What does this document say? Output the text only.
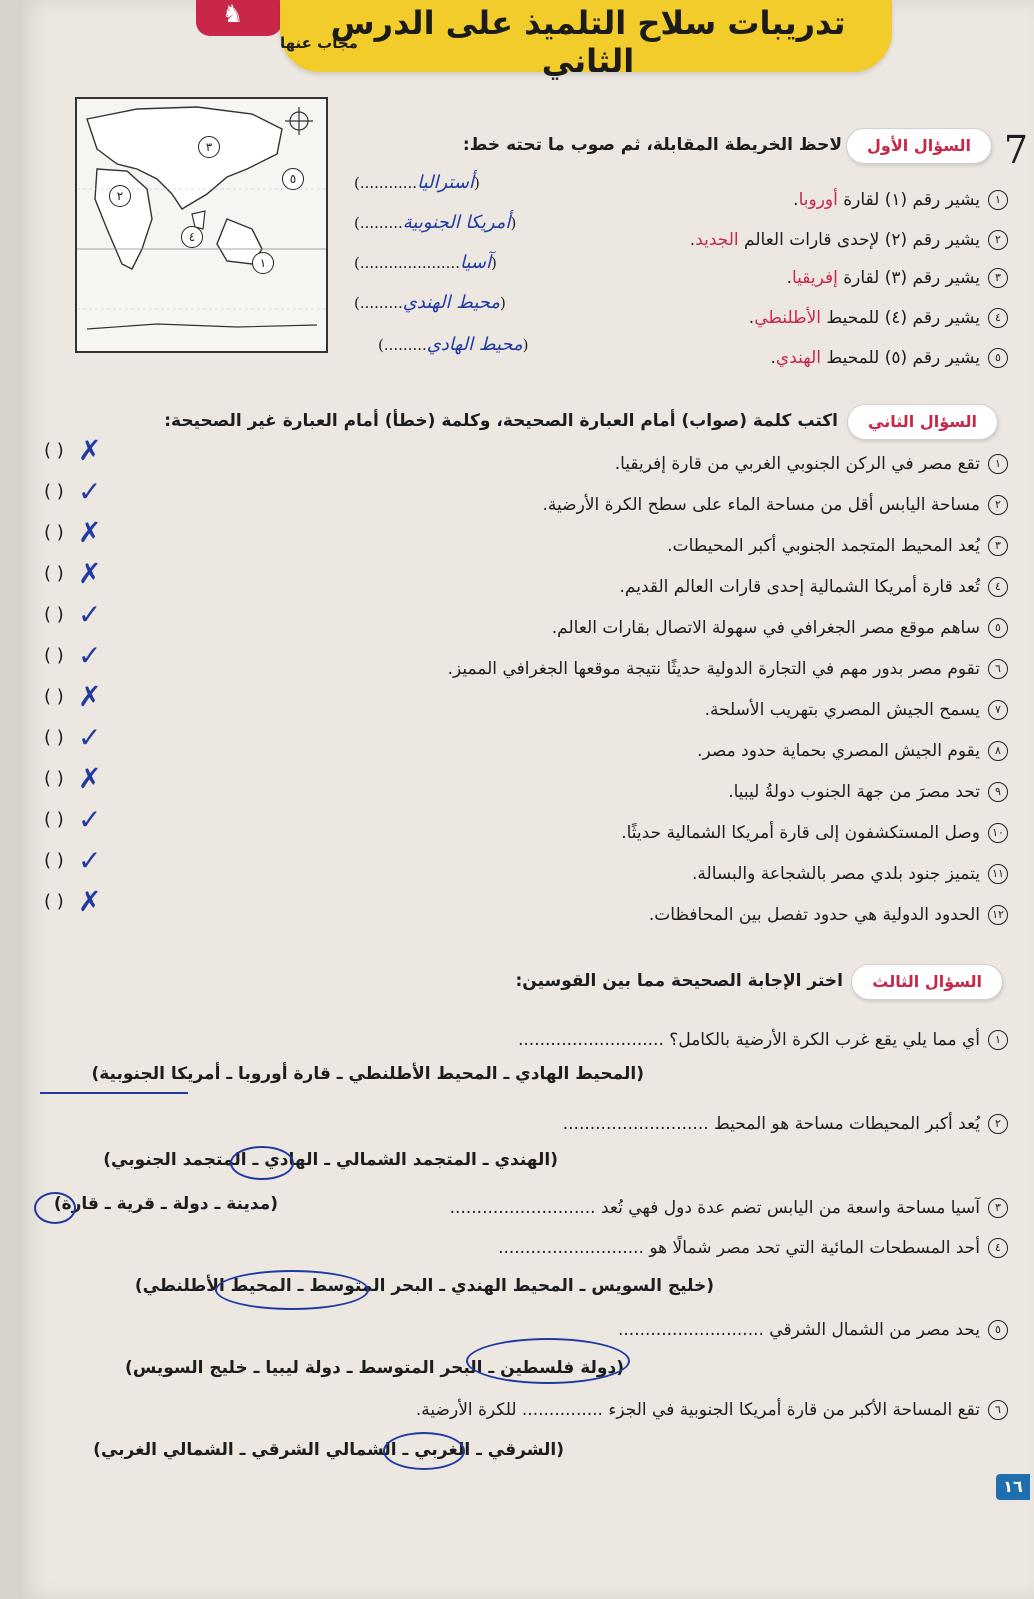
♞	تدريبات سلاح التلميذ على الدرس الثاني
مجاب عنها
7
٣
٥
٢
٤
١
السؤال الأول
لاحظ الخريطة المقابلة، ثم صوب ما تحته خط:
١يشير رقم (١) لقارة أوروبا.
٢يشير رقم (٢) لإحدى قارات العالم الجديد.
٣يشير رقم (٣) لقارة إفريقيا.
٤يشير رقم (٤) للمحيط الأطلنطي.
٥يشير رقم (٥) للمحيط الهندي.
(أستراليا............)
(أمريكا الجنوبية.........)
(آسيا.....................)
(محيط الهندي.........)
(محيط الهادي.........)
السؤال الثاني
اكتب كلمة (صواب) أمام العبارة الصحيحة، وكلمة (خطأ) أمام العبارة غير الصحيحة:
١تقع مصر في الركن الجنوبي الغربي من قارة إفريقيا.
( ) ✗
٢مساحة اليابس أقل من مساحة الماء على سطح الكرة الأرضية.
( ) ✓
٣يُعد المحيط المتجمد الجنوبي أكبر المحيطات.
( ) ✗
٤تُعد قارة أمريكا الشمالية إحدى قارات العالم القديم.
( ) ✗
٥ساهم موقع مصر الجغرافي في سهولة الاتصال بقارات العالم.
( ) ✓
٦تقوم مصر بدور مهم في التجارة الدولية حديثًا نتيجة موقعها الجغرافي المميز.
( ) ✓
٧يسمح الجيش المصري بتهريب الأسلحة.
( ) ✗
٨يقوم الجيش المصري بحماية حدود مصر.
( ) ✓
٩تحد مصرَ من جهة الجنوب دولةُ ليبيا.
( ) ✗
١٠وصل المستكشفون إلى قارة أمريكا الشمالية حديثًا.
( ) ✓
١١يتميز جنود بلدي مصر بالشجاعة والبسالة.
( ) ✓
١٢الحدود الدولية هي حدود تفصل بين المحافظات.
( ) ✗
السؤال الثالث
اختر الإجابة الصحيحة مما بين القوسين:
١أي مما يلي يقع غرب الكرة الأرضية بالكامل؟ ...........................
(المحيط الهادي ـ المحيط الأطلنطي ـ قارة أوروبا ـ أمريكا الجنوبية)
٢يُعد أكبر المحيطات مساحة هو المحيط ...........................
(الهندي ـ المتجمد الشمالي ـ الهادي ـ المتجمد الجنوبي)
٣آسيا مساحة واسعة من اليابس تضم عدة دول فهي تُعد ...........................
(مدينة ـ دولة ـ قرية ـ قارة)
٤أحد المسطحات المائية التي تحد مصر شمالًا هو ...........................
(خليج السويس ـ المحيط الهندي ـ البحر المتوسط ـ المحيط الأطلنطي)
٥يحد مصر من الشمال الشرقي ...........................
(دولة فلسطين ـ البحر المتوسط ـ دولة ليبيا ـ خليج السويس)
٦تقع المساحة الأكبر من قارة أمريكا الجنوبية في الجزء ............... للكرة الأرضية.
(الشرقي ـ الغربي ـ الشمالي الشرقي ـ الشمالي الغربي)
١٦
